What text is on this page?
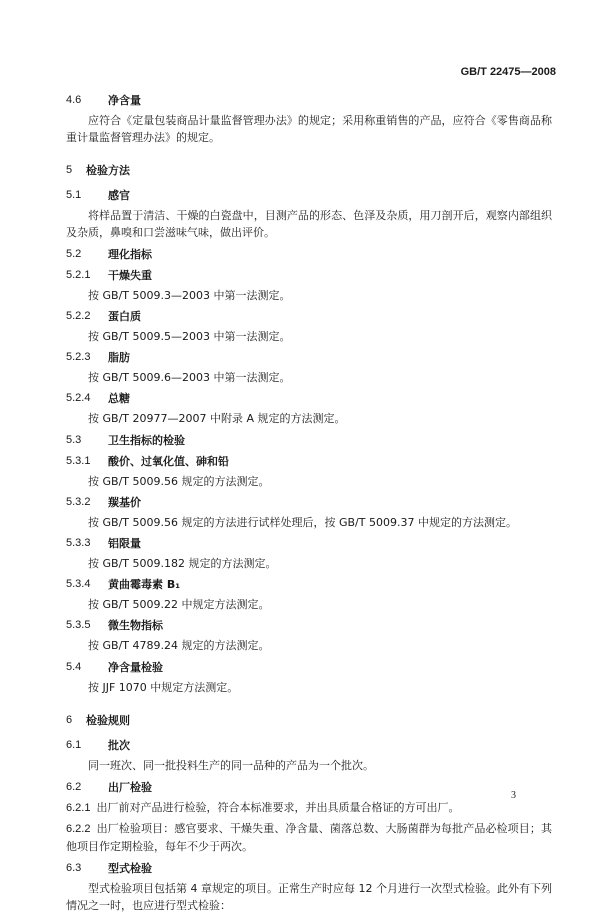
GB/T 22475—2008
4.6	净含量
应符合《定量包装商品计量监督管理办法》的规定；采用称重销售的产品，应符合《零售商品称重计量监督管理办法》的规定。
5	检验方法
5.1	感官
将样品置于清洁、干燥的白瓷盘中，目测产品的形态、色泽及杂质，用刀剖开后，观察内部组织及杂质，鼻嗅和口尝滋味气味，做出评价。
5.2	理化指标
5.2.1	干燥失重
按 GB/T 5009.3—2003 中第一法测定。
5.2.2	蛋白质
按 GB/T 5009.5—2003 中第一法测定。
5.2.3	脂肪
按 GB/T 5009.6—2003 中第一法测定。
5.2.4	总糖
按 GB/T 20977—2007 中附录 A 规定的方法测定。
5.3	卫生指标的检验
5.3.1	酸价、过氧化值、砷和铅
按 GB/T 5009.56 规定的方法测定。
5.3.2	羰基价
按 GB/T 5009.56 规定的方法进行试样处理后，按 GB/T 5009.37 中规定的方法测定。
5.3.3	铝限量
按 GB/T 5009.182 规定的方法测定。
5.3.4	黄曲霉毒素 B₁
按 GB/T 5009.22 中规定方法测定。
5.3.5	微生物指标
按 GB/T 4789.24 规定的方法测定。
5.4	净含量检验
按 JJF 1070 中规定方法测定。
6	检验规则
6.1	批次
同一班次、同一批投料生产的同一品种的产品为一个批次。
6.2	出厂检验
6.2.1 出厂前对产品进行检验，符合本标准要求，并出具质量合格证的方可出厂。
6.2.2 出厂检验项目：感官要求、干燥失重、净含量、菌落总数、大肠菌群为每批产品必检项目；其他项目作定期检验，每年不少于两次。
6.3	型式检验
型式检验项目包括第 4 章规定的项目。正常生产时应每 12 个月进行一次型式检验。此外有下列情况之一时，也应进行型式检验：
3
